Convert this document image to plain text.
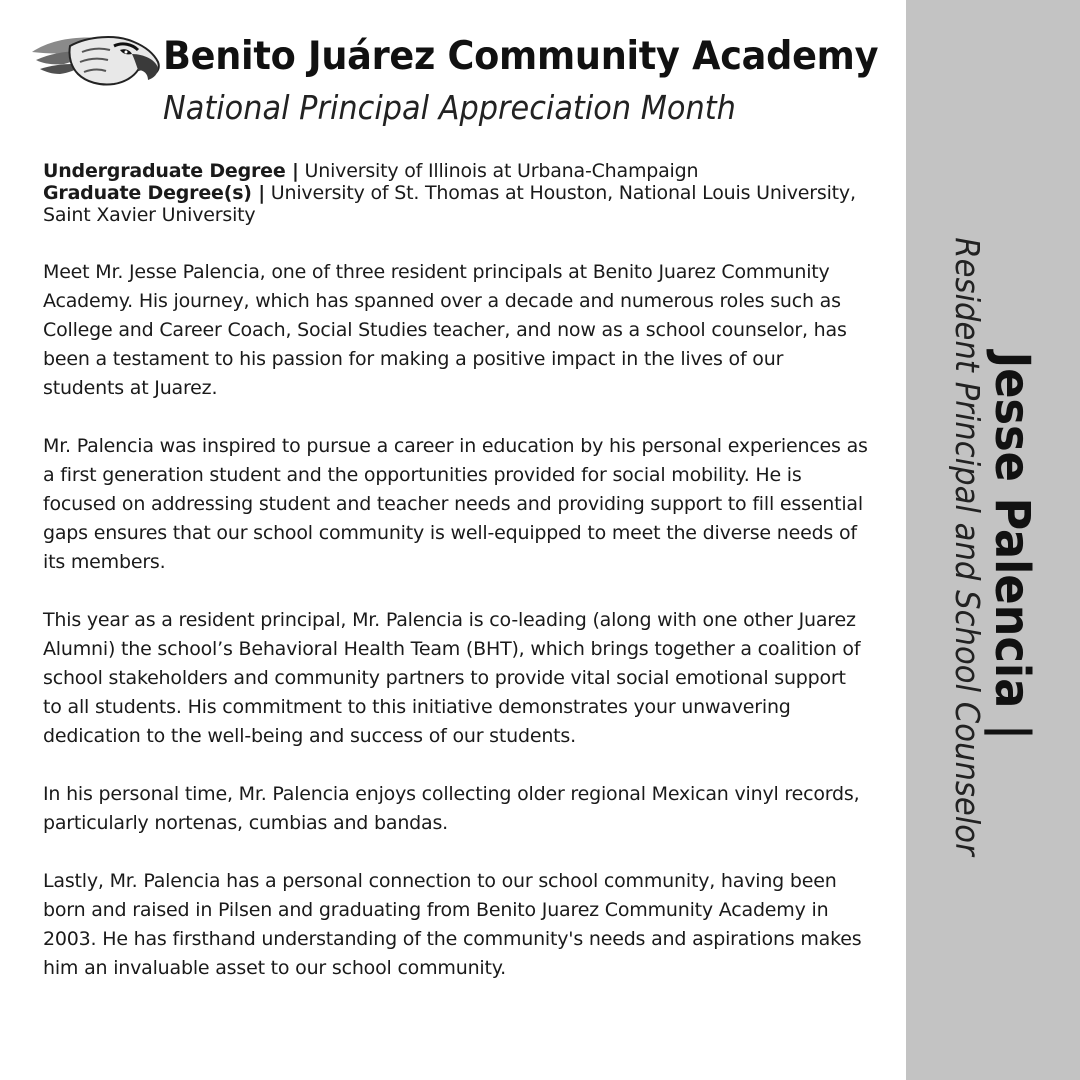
Jesse Palencia |
Resident Principal and School Counselor
Benito Juárez Community Academy
National Principal Appreciation Month
Undergraduate Degree | University of Illinois at Urbana-Champaign
Graduate Degree(s) | University of St. Thomas at Houston, National Louis University, Saint Xavier University

Meet Mr. Jesse Palencia, one of three resident principals at Benito Juarez Community Academy. His journey, which has spanned over a decade and numerous roles such as College and Career Coach, Social Studies teacher, and now as a school counselor, has been a testament to his passion for making a positive impact in the lives of our students at Juarez.

Mr. Palencia was inspired to pursue a career in education by his personal experiences as a first generation student and the opportunities provided for social mobility. He is focused on addressing student and teacher needs and providing support to fill essential gaps ensures that our school community is well-equipped to meet the diverse needs of its members.

This year as a resident principal, Mr. Palencia is co-leading (along with one other Juarez Alumni) the school’s Behavioral Health Team (BHT), which brings together a coalition of school stakeholders and community partners to provide vital social emotional support to all students. His commitment to this initiative demonstrates your unwavering dedication to the well-being and success of our students.

In his personal time, Mr. Palencia enjoys collecting older regional Mexican vinyl records, particularly nortenas, cumbias and bandas.

Lastly, Mr. Palencia has a personal connection to our school community, having been born and raised in Pilsen and graduating from Benito Juarez Community Academy in 2003. He has firsthand understanding of the community's needs and aspirations makes him an invaluable asset to our school community.
